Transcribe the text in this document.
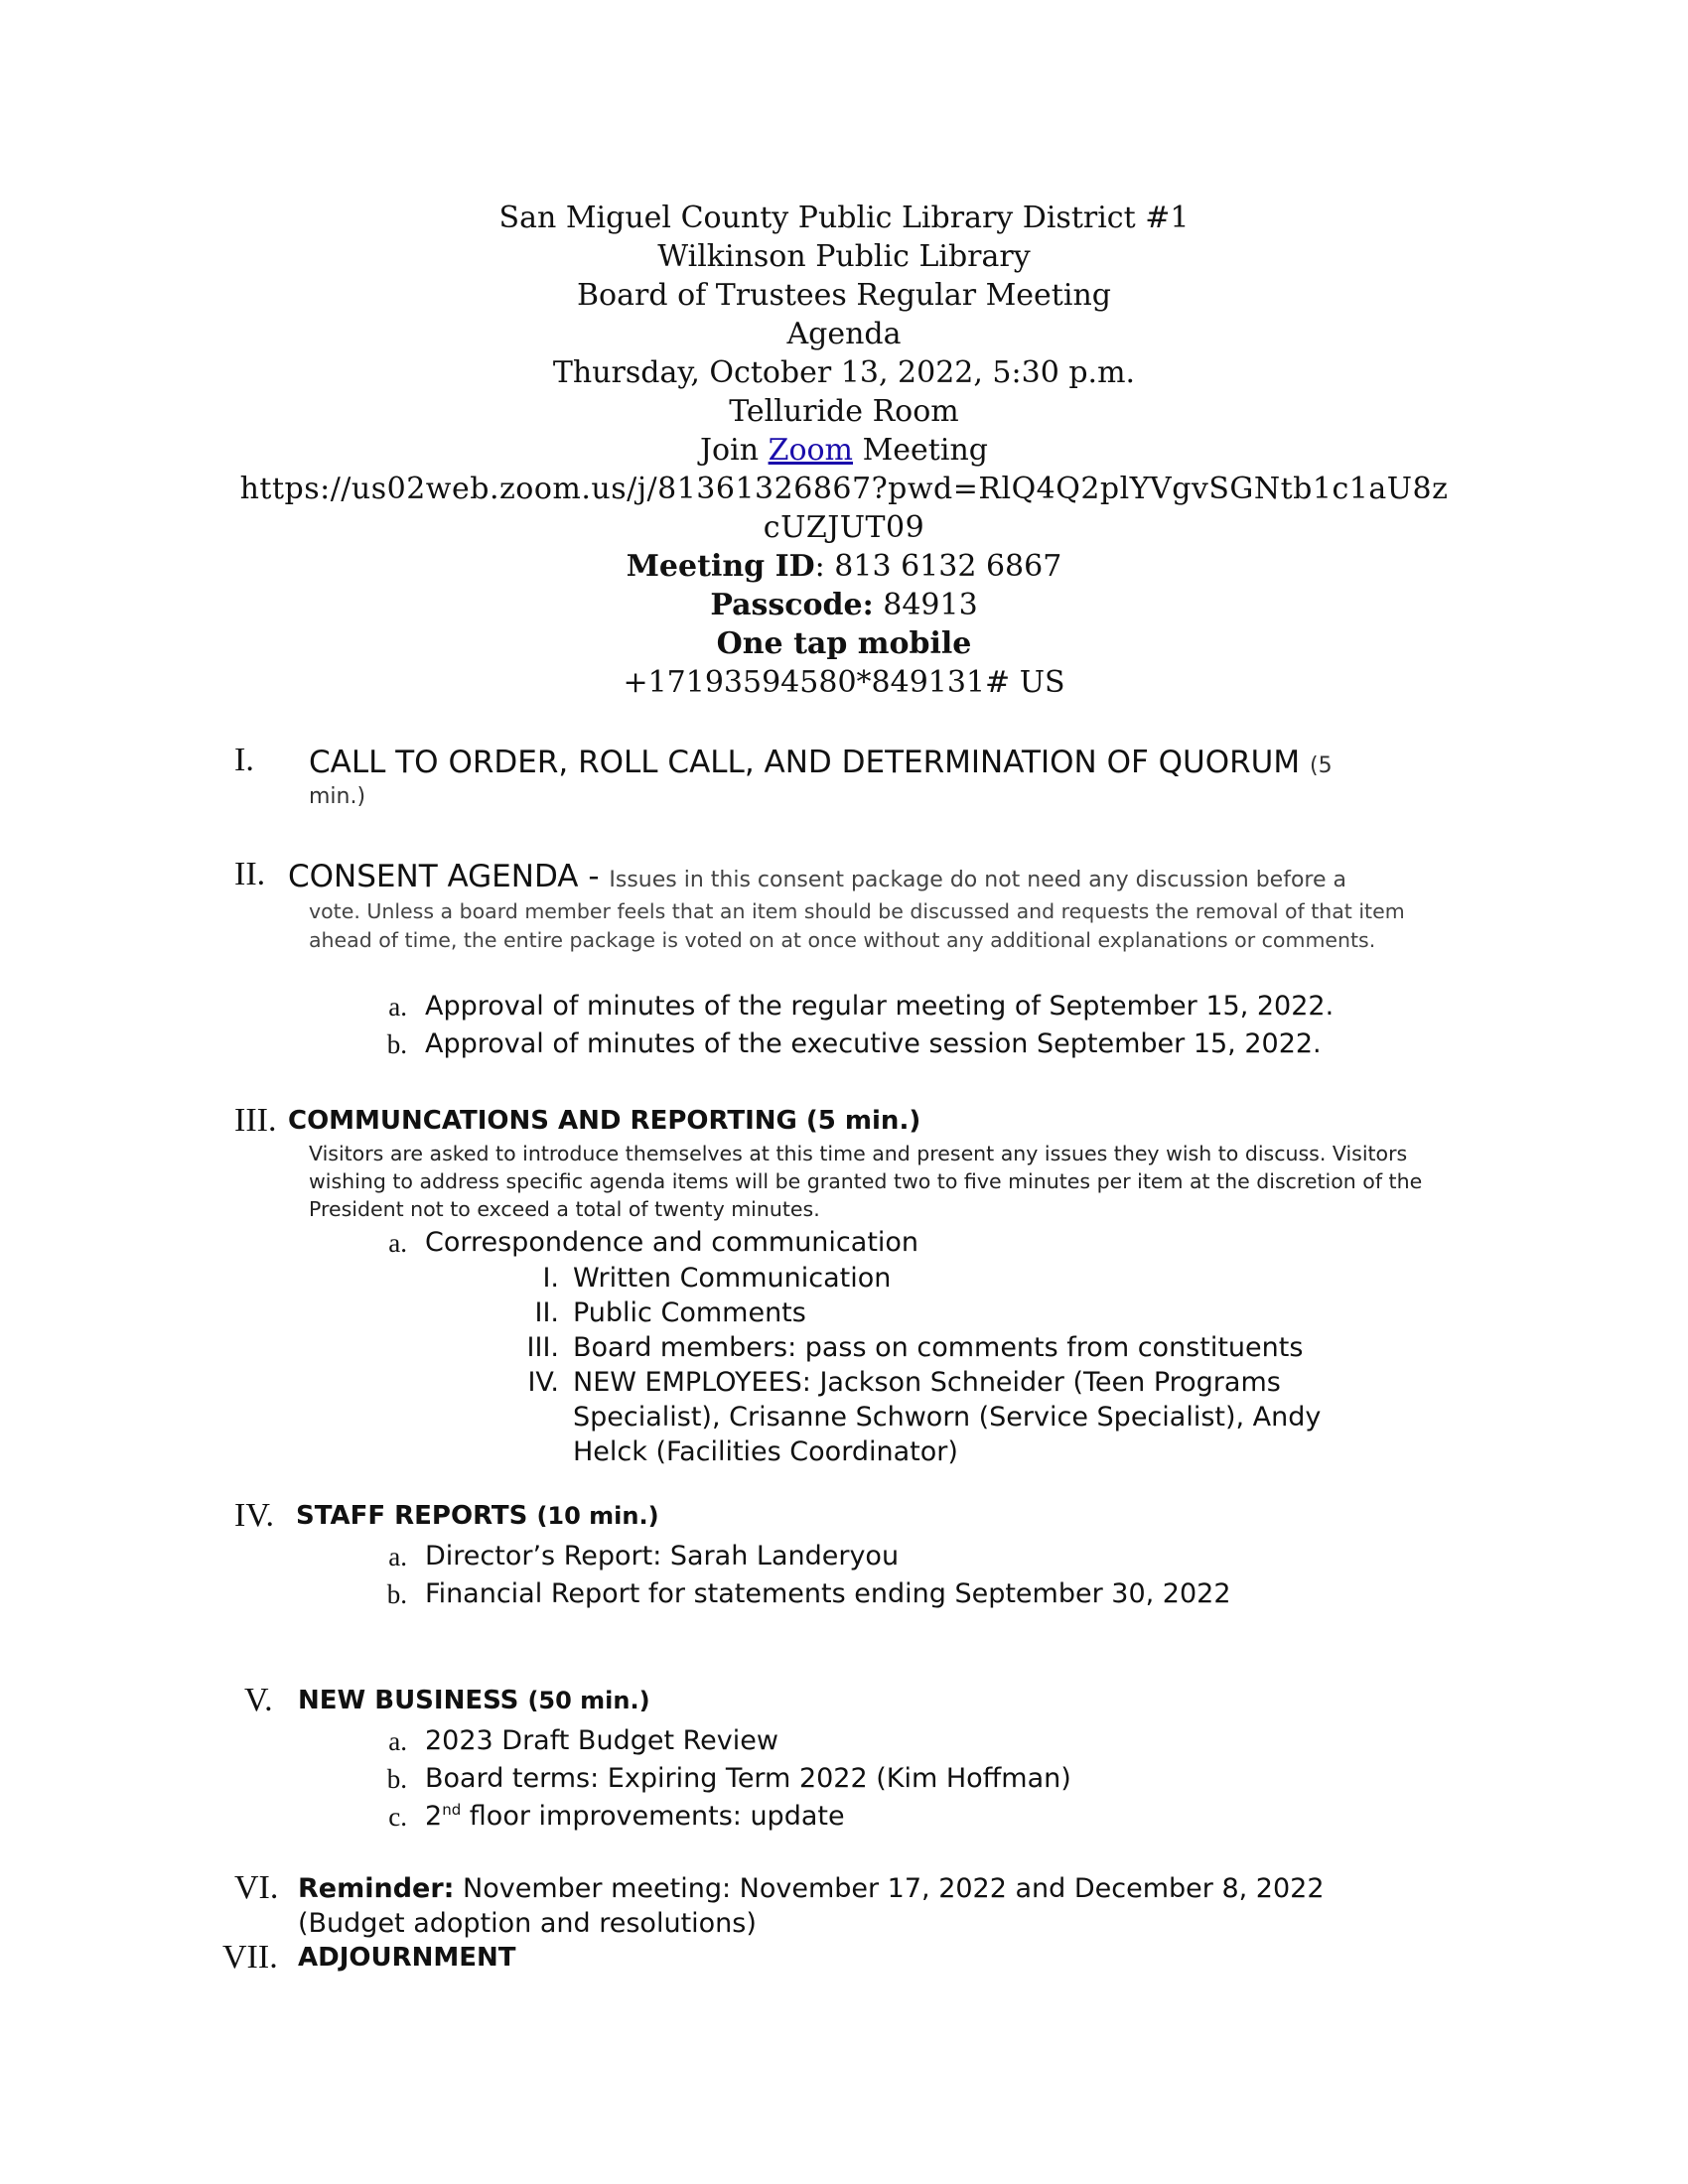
San Miguel County Public Library District #1
Wilkinson Public Library
Board of Trustees Regular Meeting
Agenda
Thursday, October 13, 2022, 5:30 p.m.
Telluride Room
Join Zoom Meeting
https://us02web.zoom.us/j/81361326867?pwd=RlQ4Q2plYVgvSGNtb1c1aU8z
cUZJUT09
Meeting ID: 813 6132 6867
Passcode: 84913
One tap mobile
+17193594580*849131# US
I. CALL TO ORDER, ROLL CALL, AND DETERMINATION OF QUORUM (5
min.)
II. CONSENT AGENDA - Issues in this consent package do not need any discussion before a
vote. Unless a board member feels that an item should be discussed and requests the removal of that item ahead of time, the entire package is voted on at once without any additional explanations or comments.
a. Approval of minutes of the regular meeting of September 15, 2022.
b. Approval of minutes of the executive session September 15, 2022.
III. COMMUNCATIONS AND REPORTING (5 min.)
Visitors are asked to introduce themselves at this time and present any issues they wish to discuss. Visitors wishing to address specific agenda items will be granted two to five minutes per item at the discretion of the President not to exceed a total of twenty minutes.
a. Correspondence and communication
I. Written Communication
II. Public Comments
III. Board members: pass on comments from constituents
IV. NEW EMPLOYEES: Jackson Schneider (Teen Programs Specialist), Crisanne Schworn (Service Specialist), Andy Helck (Facilities Coordinator)
IV. STAFF REPORTS (10 min.)
a. Director’s Report: Sarah Landeryou
b. Financial Report for statements ending September 30, 2022
V. NEW BUSINESS (50 min.)
a. 2023 Draft Budget Review
b. Board terms: Expiring Term 2022 (Kim Hoffman)
c. 2nd floor improvements: update
VI. Reminder: November meeting: November 17, 2022 and December 8, 2022
(Budget adoption and resolutions)
VII. ADJOURNMENT
